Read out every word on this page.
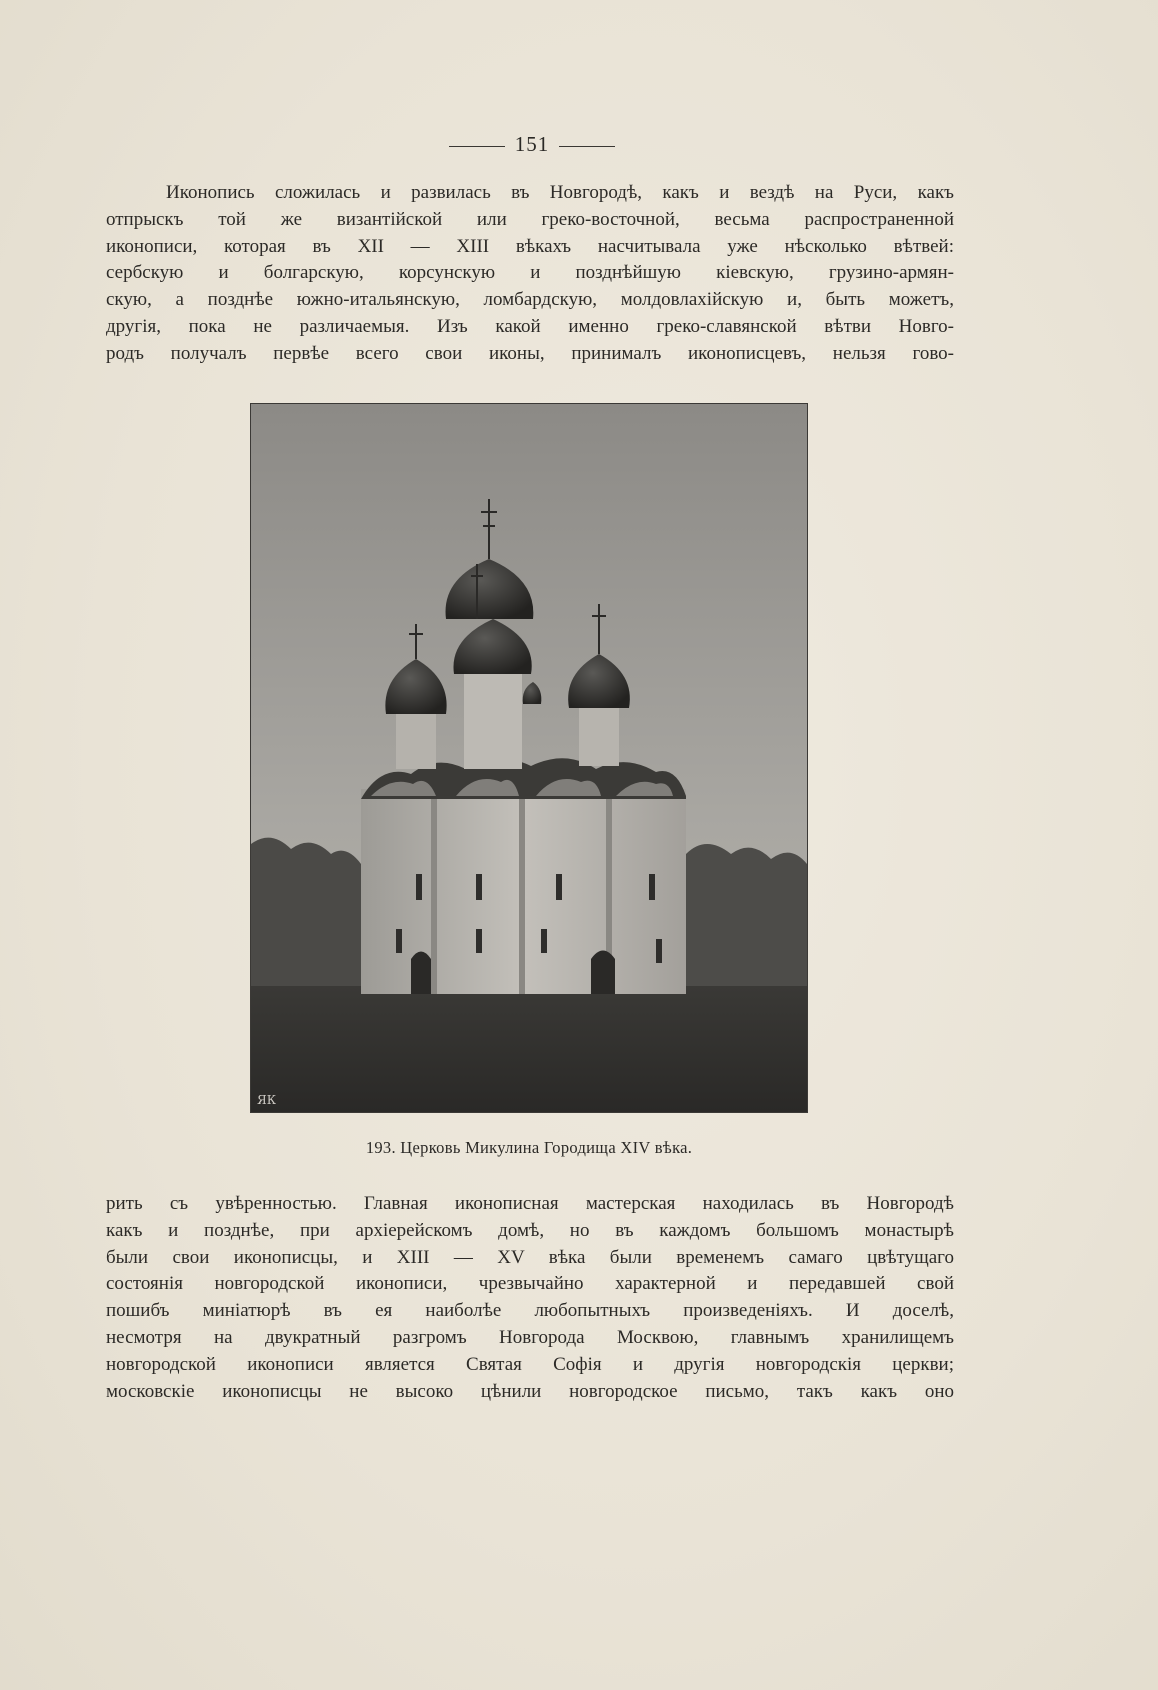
151

Иконопись сложилась и развилась въ Новгородѣ, какъ и вездѣ на Руси, какъ
отпрыскъ той же византійской или греко-восточной, весьма распространенной
иконописи, которая въ XII — XIII вѣкахъ насчитывала уже нѣсколько вѣтвей:
сербскую и болгарскую, корсунскую и позднѣйшую кіевскую, грузино-армян-
скую, а позднѣе южно-итальянскую, ломбардскую, молдовлахійскую и, быть можетъ,
другія, пока не различаемыя. Изъ какой именно греко-славянской вѣтви Новго-
родъ получалъ первѣе всего свои иконы, принималъ иконописцевъ, нельзя гово-

ЯК
193. Церковь Микулина Городища XIV вѣка.

рить съ увѣренностью. Главная иконописная мастерская находилась въ Новгородѣ
какъ и позднѣе, при архіерейскомъ домѣ, но въ каждомъ большомъ монастырѣ
были свои иконописцы, и XIII — XV вѣка были временемъ самаго цвѣтущаго
состоянія новгородской иконописи, чрезвычайно характерной и передавшей свой
пошибъ миніатюрѣ въ ея наиболѣе любопытныхъ произведеніяхъ. И доселѣ,
несмотря на двукратный разгромъ Новгорода Москвою, главнымъ хранилищемъ
новгородской иконописи является Святая Софія и другія новгородскія церкви;
московскіе иконописцы не высоко цѣнили новгородское письмо, такъ какъ оно
